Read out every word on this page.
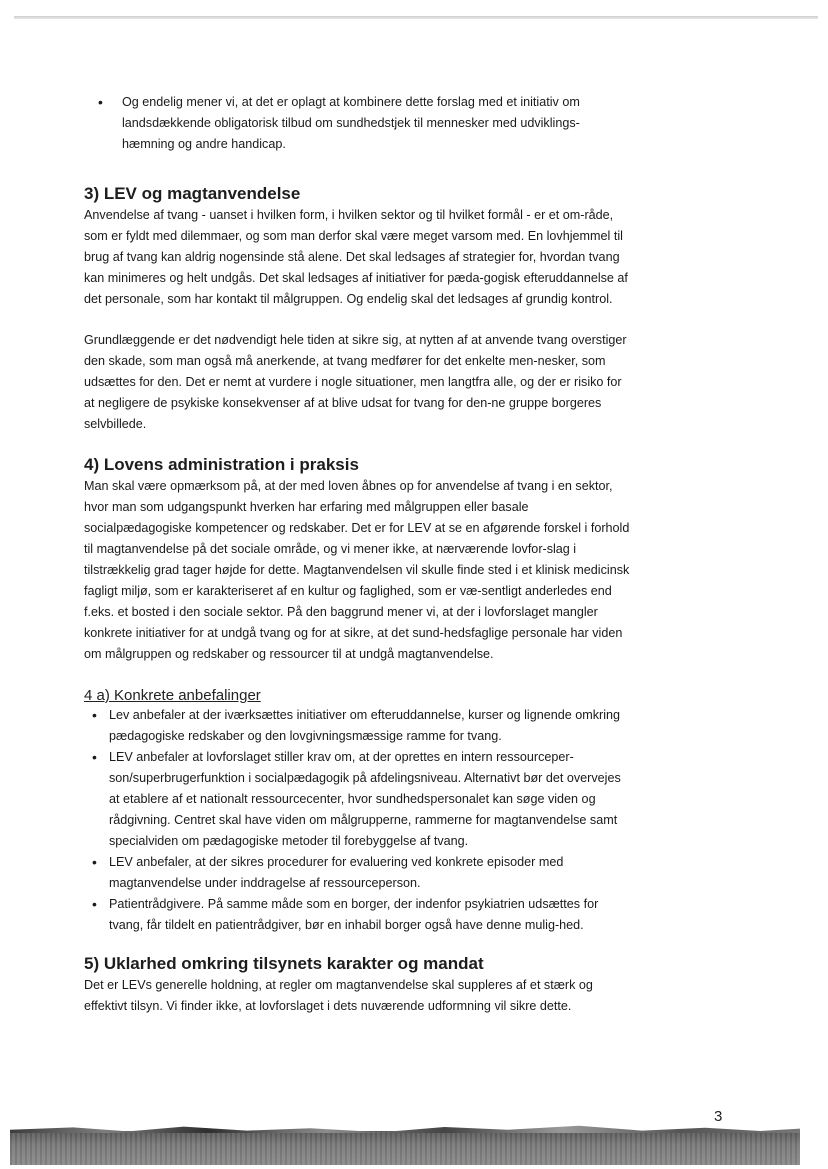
• Og endelig mener vi, at det er oplagt at kombinere dette forslag med et initiativ om landsdækkende obligatorisk tilbud om sundhedstjek til mennesker med udviklings-hæmning og andre handicap.
3) LEV og magtanvendelse

Anvendelse af tvang - uanset i hvilken form, i hvilken sektor og til hvilket formål - er et om-råde, som er fyldt med dilemmaer, og som man derfor skal være meget varsom med. En lovhjemmel til brug af tvang kan aldrig nogensinde stå alene. Det skal ledsages af strategier for, hvordan tvang kan minimeres og helt undgås. Det skal ledsages af initiativer for pæda-gogisk efteruddannelse af det personale, som har kontakt til målgruppen. Og endelig skal det ledsages af grundig kontrol.

Grundlæggende er det nødvendigt hele tiden at sikre sig, at nytten af at anvende tvang overstiger den skade, som man også må anerkende, at tvang medfører for det enkelte men-nesker, som udsættes for den. Det er nemt at vurdere i nogle situationer, men langtfra alle, og der er risiko for at negligere de psykiske konsekvenser af at blive udsat for tvang for den-ne gruppe borgeres selvbillede.

4) Lovens administration i praksis

Man skal være opmærksom på, at der med loven åbnes op for anvendelse af tvang i en sektor, hvor man som udgangspunkt hverken har erfaring med målgruppen eller basale socialpædagogiske kompetencer og redskaber. Det er for LEV at se en afgørende forskel i forhold til magtanvendelse på det sociale område, og vi mener ikke, at nærværende lovfor-slag i tilstrækkelig grad tager højde for dette. Magtanvendelsen vil skulle finde sted i et klinisk medicinsk fagligt miljø, som er karakteriseret af en kultur og faglighed, som er væ-sentligt anderledes end f.eks. et bosted i den sociale sektor. På den baggrund mener vi, at der i lovforslaget mangler konkrete initiativer for at undgå tvang og for at sikre, at det sund-hedsfaglige personale har viden om målgruppen og redskaber og ressourcer til at undgå magtanvendelse.

4 a) Konkrete anbefalinger
• Lev anbefaler at der iværksættes initiativer om efteruddannelse, kurser og lignende omkring pædagogiske redskaber og den lovgivningsmæssige ramme for tvang.
• LEV anbefaler at lovforslaget stiller krav om, at der oprettes en intern ressourceper-son/superbrugerfunktion i socialpædagogik på afdelingsniveau. Alternativt bør det overvejes at etablere af et nationalt ressourcecenter, hvor sundhedspersonalet kan søge viden og rådgivning. Centret skal have viden om målgrupperne, rammerne for magtanvendelse samt specialviden om pædagogiske metoder til forebyggelse af tvang.
• LEV anbefaler, at der sikres procedurer for evaluering ved konkrete episoder med magtanvendelse under inddragelse af ressourceperson.
• Patientrådgivere. På samme måde som en borger, der indenfor psykiatrien udsættes for tvang, får tildelt en patientrådgiver, bør en inhabil borger også have denne mulig-hed.
5) Uklarhed omkring tilsynets karakter og mandat

Det er LEVs generelle holdning, at regler om magtanvendelse skal suppleres af et stærk og effektivt tilsyn. Vi finder ikke, at lovforslaget i dets nuværende udformning vil sikre dette.

3
